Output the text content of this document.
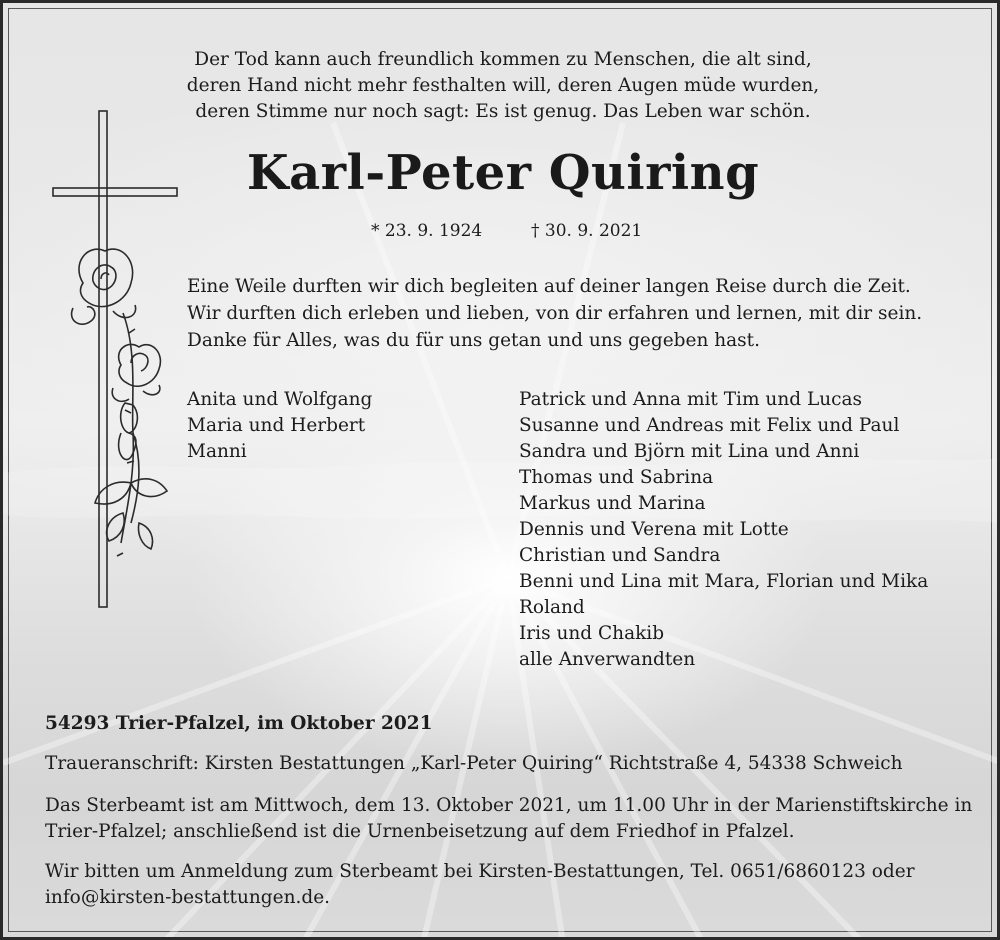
Der Tod kann auch freundlich kommen zu Menschen, die alt sind,
deren Hand nicht mehr festhalten will, deren Augen müde wurden,
deren Stimme nur noch sagt: Es ist genug. Das Leben war schön.
Karl-Peter Quiring
* 23. 9. 1924	† 30. 9. 2021
Eine Weile durften wir dich begleiten auf deiner langen Reise durch die Zeit.
Wir durften dich erleben und lieben, von dir erfahren und lernen, mit dir sein.
Danke für Alles, was du für uns getan und uns gegeben hast.
Anita und Wolfgang
Maria und Herbert
Manni
Patrick und Anna mit Tim und Lucas
Susanne und Andreas mit Felix und Paul
Sandra und Björn mit Lina und Anni
Thomas und Sabrina
Markus und Marina
Dennis und Verena mit Lotte
Christian und Sandra
Benni und Lina mit Mara, Florian und Mika
Roland
Iris und Chakib
alle Anverwandten
54293 Trier-Pfalzel, im Oktober 2021
Traueranschrift: Kirsten Bestattungen „Karl-Peter Quiring“ Richtstraße 4, 54338 Schweich
Das Sterbeamt ist am Mittwoch, dem 13. Oktober 2021, um 11.00 Uhr in der Marienstiftskirche in
Trier-Pfalzel; anschließend ist die Urnenbeisetzung auf dem Friedhof in Pfalzel.
Wir bitten um Anmeldung zum Sterbeamt bei Kirsten-Bestattungen, Tel. 0651/6860123 oder
info@kirsten-bestattungen.de.
